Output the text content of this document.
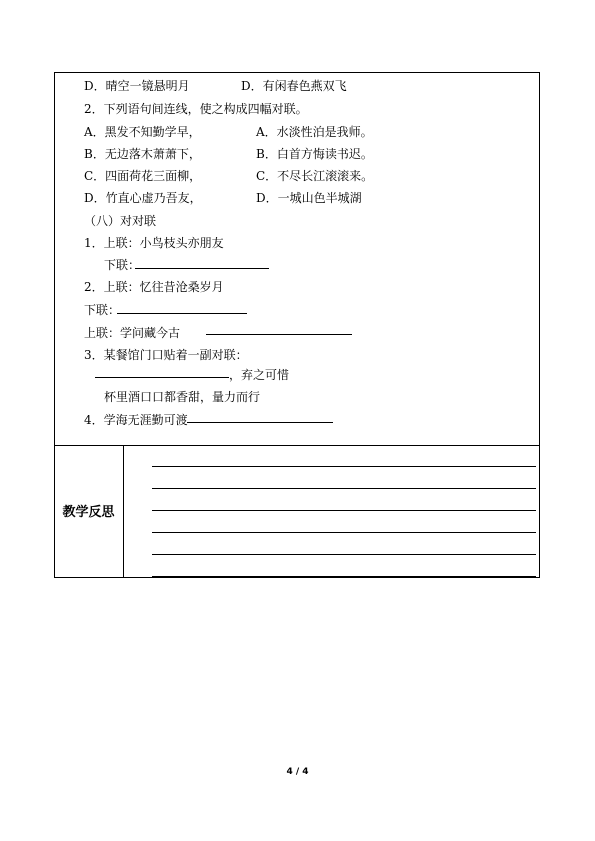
D．晴空一镜悬明月	D．有闲春色燕双飞
2．下列语句间连线，使之构成四幅对联。
A．黑发不知勤学早，	A．水淡性泊是我师。
B．无边落木萧萧下，	B．白首方悔读书迟。
C．四面荷花三面柳，	C．不尽长江滚滚来。
D．竹直心虚乃吾友，	D．一城山色半城湖
（八）对对联
1．上联：小鸟枝头亦朋友
下联：
2．上联：忆往昔沧桑岁月
下联：
上联：学问藏今古
3．某餐馆门口贴着一副对联：
，弃之可惜
杯里酒口口都香甜，量力而行
4．学海无涯勤可渡
教学反思
4 / 4
